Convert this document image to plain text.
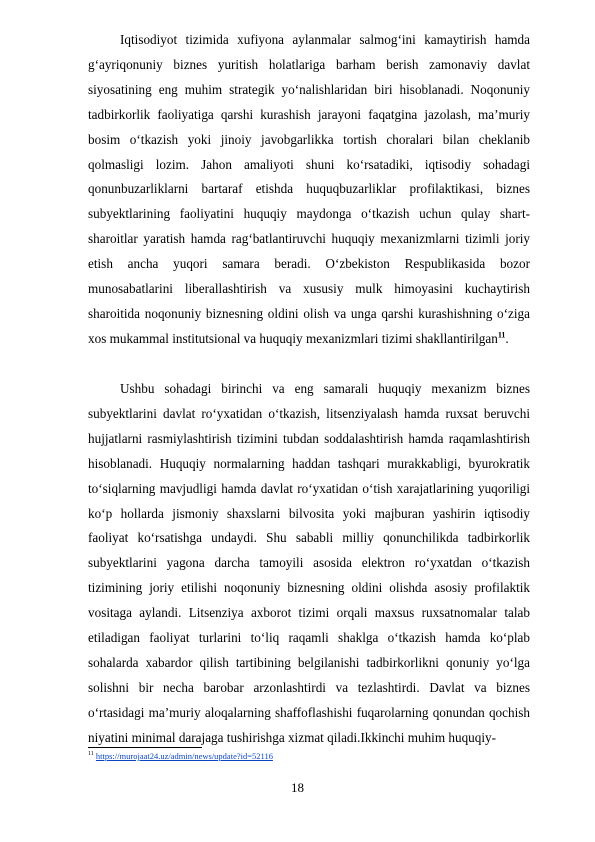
Iqtisodiyot tizimida xufiyona aylanmalar salmog‘ini kamaytirish hamda g‘ayriqonuniy biznes yuritish holatlariga barham berish zamonaviy davlat siyosatining eng muhim strategik yo‘nalishlaridan biri hisoblanadi. Noqonuniy tadbirkorlik faoliyatiga qarshi kurashish jarayoni faqatgina jazolash, ma’muriy bosim o‘tkazish yoki jinoiy javobgarlikka tortish choralari bilan cheklanib qolmasligi lozim. Jahon amaliyoti shuni ko‘rsatadiki, iqtisodiy sohadagi qonunbuzarliklarni bartaraf etishda huquqbuzarliklar profilaktikasi, biznes subyektlarining faoliyatini huquqiy maydonga o‘tkazish uchun qulay shart-sharoitlar yaratish hamda rag‘batlantiruvchi huquqiy mexanizmlarni tizimli joriy etish ancha yuqori samara beradi. O‘zbekiston Respublikasida bozor munosabatlarini liberallashtirish va xususiy mulk himoyasini kuchaytirish sharoitida noqonuniy biznesning oldini olish va unga qarshi kurashishning o‘ziga xos mukammal institutsional va huquqiy mexanizmlari tizimi shakllantirilgan$^{11}$.

Ushbu sohadagi birinchi va eng samarali huquqiy mexanizm biznes subyektlarini davlat ro‘yxatidan o‘tkazish, litsenziyalash hamda ruxsat beruvchi hujjatlarni rasmiylashtirish tizimini tubdan soddalashtirish hamda raqamlashtirish hisoblanadi. Huquqiy normalarning haddan tashqari murakkabligi, byurokratik to‘siqlarning mavjudligi hamda davlat ro‘yxatidan o‘tish xarajatlarining yuqoriligi ko‘p hollarda jismoniy shaxslarni bilvosita yoki majburan yashirin iqtisodiy faoliyat ko‘rsatishga undaydi. Shu sababli milliy qonunchilikda tadbirkorlik subyektlarini yagona darcha tamoyili asosida elektron ro‘yxatdan o‘tkazish tizimining joriy etilishi noqonuniy biznesning oldini olishda asosiy profilaktik vositaga aylandi. Litsenziya axborot tizimi orqali maxsus ruxsatnomalar talab etiladigan faoliyat turlarini to‘liq raqamli shaklga o‘tkazish hamda ko‘plab sohalarda xabardor qilish tartibining belgilanishi tadbirkorlikni qonuniy yo‘lga solishni bir necha barobar arzonlashtirdi va tezlashtirdi. Davlat va biznes o‘rtasidagi ma’muriy aloqalarning shaffoflashishi fuqarolarning qonundan qochish niyatini minimal darajaga tushirishga xizmat qiladi.Ikkinchi muhim huquqiy-

$^{11}$ https://murojaat24.uz/admin/news/update?id=52116
18
